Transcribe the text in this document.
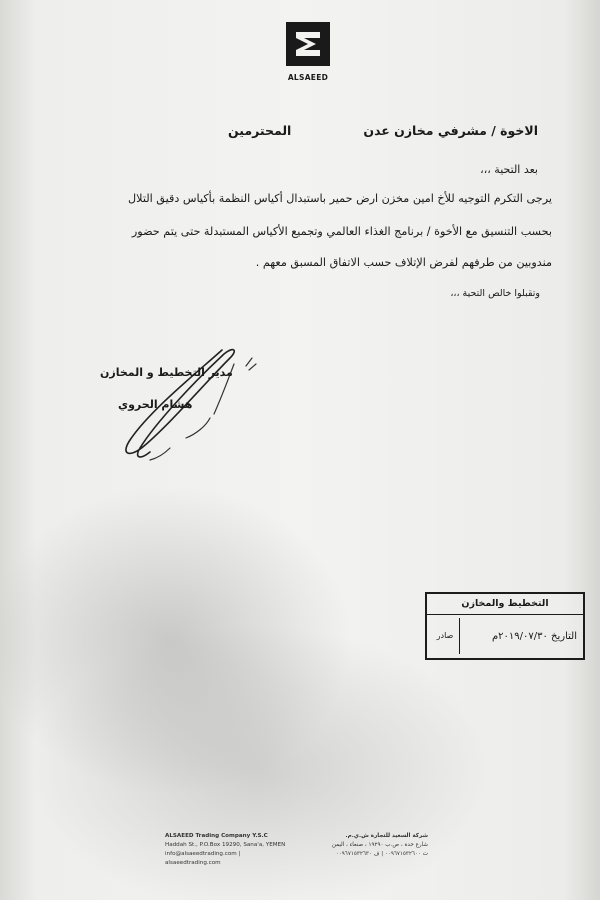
ALSAEED
الاخوة / مشرفي مخازن عدن
المحترمين
بعد التحية ،،،
يرجى التكرم التوجيه للأخ امين مخزن ارض حمير باستبدال أكياس النظمة بأكياس دقيق التلال
بحسب التنسيق مع الأخوة / برنامج الغذاء العالمي وتجميع الأكياس المستبدلة حتى يتم حضور
مندوبين من طرفهم لفرض الإتلاف حسب الاتفاق المسبق معهم .
وتقبلوا خالص التحية ،،،
مدير التخطيط و المخازن
هشام الحروي
التخطيط والمخازن
صادر	التاريخ ٢٠١٩/٠٧/٣٠م
ALSAEED Trading Company Y.S.C
Haddah St., P.O.Box 19290, Sana'a, YEMEN
info@alsaeedtrading.com | alsaeedtrading.com
شركة السعيد للتجارة ش.ي.م.
شارع حدة ، ص.ب ١٩٢٩٠ ، صنعاء ، اليمن
ت ٠٠٩٦٧١٥٣٢٦٠٠ | ف ٠٠٩٦٧١٥٣٢٦٣٠
